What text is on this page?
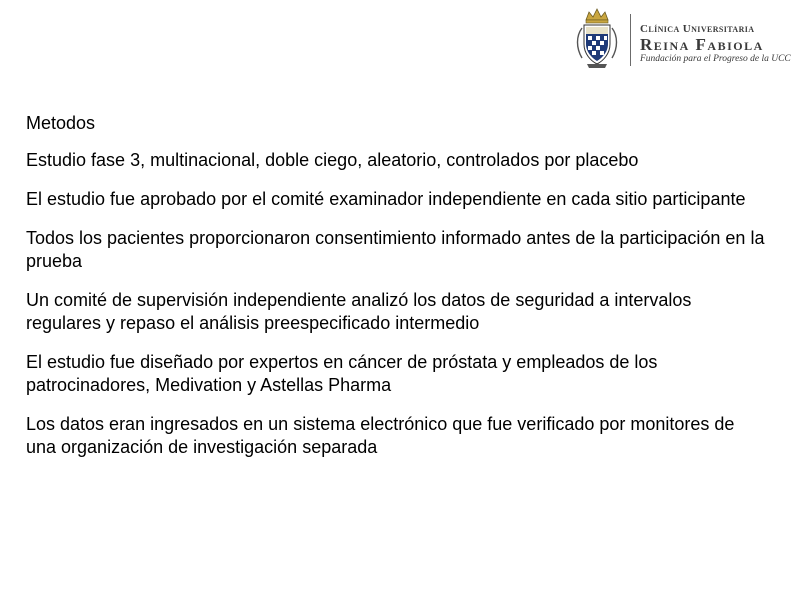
Clínica Universitaria
Reina Fabiola
Fundación para el Progreso de la UCC

Metodos

Estudio fase 3, multinacional, doble ciego, aleatorio, controlados por placebo

El estudio fue aprobado por el comité examinador independiente en cada sitio participante

Todos los pacientes proporcionaron consentimiento informado antes de la participación en la prueba

Un comité de supervisión independiente analizó los datos de seguridad a intervalos regulares y repaso el análisis preespecificado intermedio

El estudio fue diseñado por expertos en cáncer de próstata y empleados de los patrocinadores, Medivation y Astellas Pharma

Los datos eran ingresados en un sistema electrónico que fue verificado por monitores de una organización de investigación separada
